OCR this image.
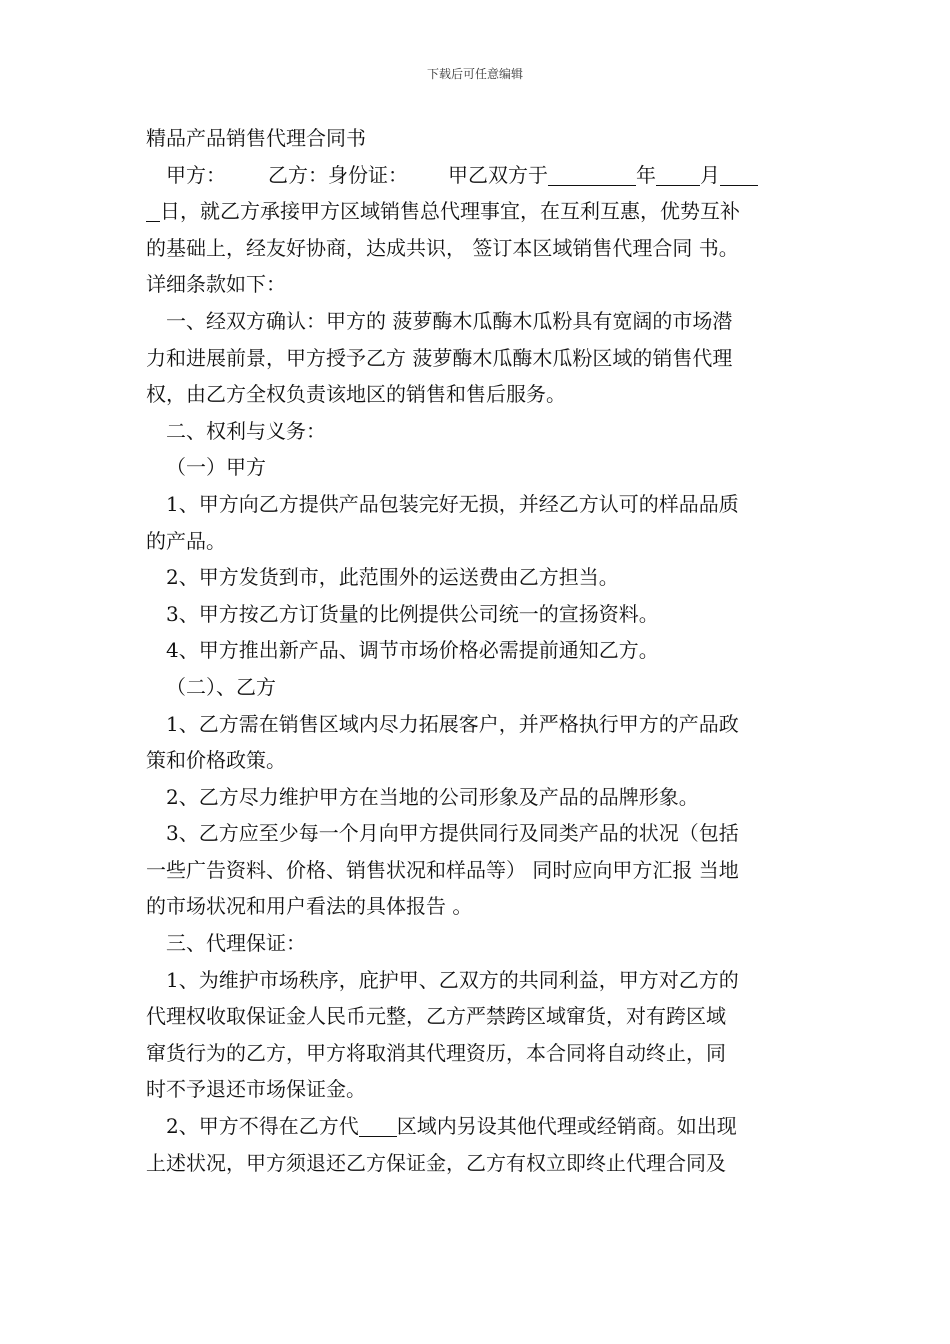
下载后可任意编辑
精品产品销售代理合同书
甲方： 乙方：身份证： 甲乙双方于	年 月
日，就乙方承接甲方区域销售总代理事宜，在互利互惠，优势互补
的基础上，经友好协商，达成共识， 签订本区域销售代理合同 书。
详细条款如下：
一、经双方确认：甲方的 菠萝酶木瓜酶木瓜粉具有宽阔的市场潜
力和进展前景，甲方授予乙方 菠萝酶木瓜酶木瓜粉区域的销售代理
权，由乙方全权负责该地区的销售和售后服务。
二、权利与义务：
（一）甲方
1、甲方向乙方提供产品包装完好无损，并经乙方认可的样品品质
的产品。
2、甲方发货到市，此范围外的运送费由乙方担当。
3、甲方按乙方订货量的比例提供公司统一的宣扬资料。
4、甲方推出新产品、调节市场价格必需提前通知乙方。
（二）、乙方
1、乙方需在销售区域内尽力拓展客户，并严格执行甲方的产品政
策和价格政策。
2、乙方尽力维护甲方在当地的公司形象及产品的品牌形象。
3、乙方应至少每一个月向甲方提供同行及同类产品的状况（包括
一些广告资料、价格、销售状况和样品等） 同时应向甲方汇报 当地
的市场状况和用户看法的具体报告 。
三、代理保证：
1、为维护市场秩序，庇护甲、乙双方的共同利益，甲方对乙方的
代理权收取保证金人民币元整，乙方严禁跨区域窜货，对有跨区域
窜货行为的乙方，甲方将取消其代理资历，本合同将自动终止，同
时不予退还市场保证金。
2、甲方不得在乙方代 区域内另设其他代理或经销商。如出现
上述状况，甲方须退还乙方保证金，乙方有权立即终止代理合同及
